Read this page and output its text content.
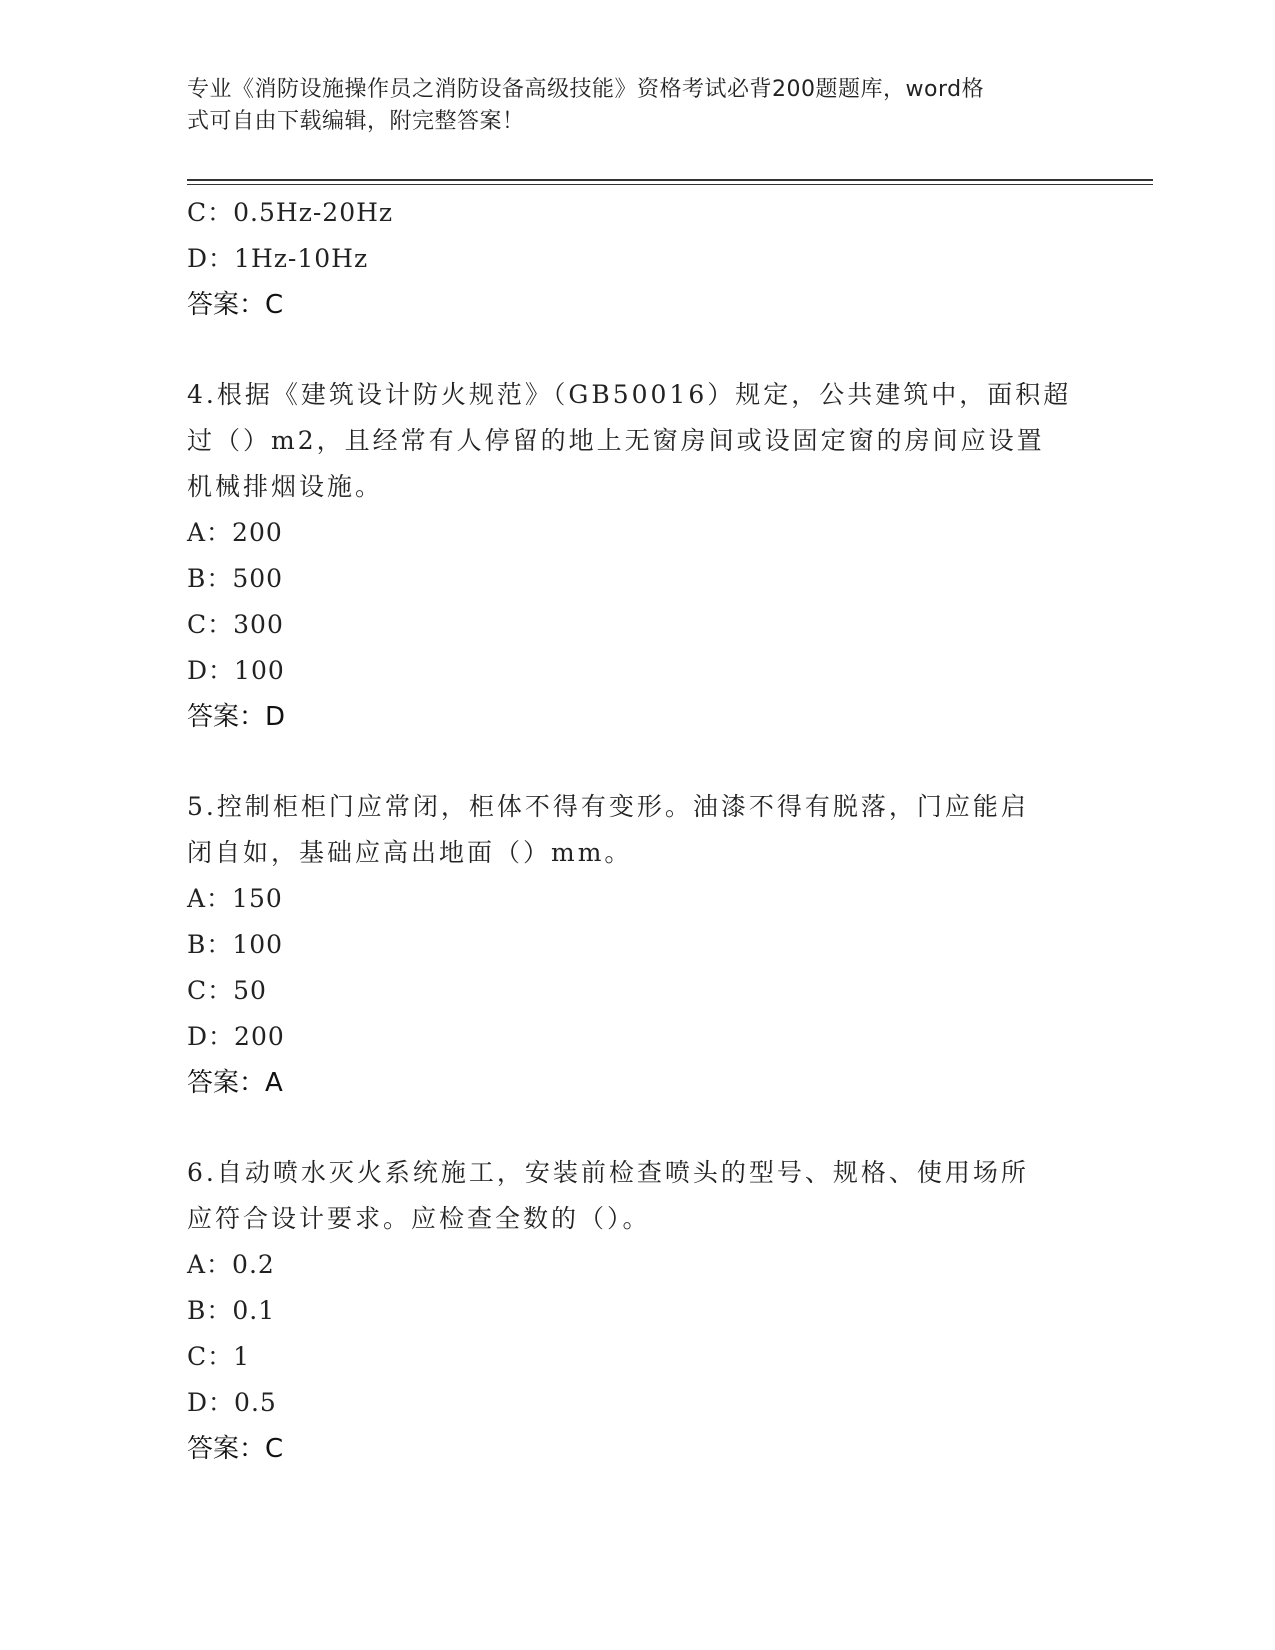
专业《消防设施操作员之消防设备高级技能》资格考试必背200题题库，word格
式可自由下载编辑，附完整答案！
C：0.5Hz-20Hz
D：1Hz-10Hz
答案：C
4.根据《建筑设计防火规范》（GB50016）规定，公共建筑中，面积超
过（）m2，且经常有人停留的地上无窗房间或设固定窗的房间应设置
机械排烟设施。
A：200
B：500
C：300
D：100
答案：D
5.控制柜柜门应常闭，柜体不得有变形。油漆不得有脱落，门应能启
闭自如，基础应高出地面（）mm。
A：150
B：100
C：50
D：200
答案：A
6.自动喷水灭火系统施工，安装前检查喷头的型号、规格、使用场所
应符合设计要求。应检查全数的（）。
A：0.2
B：0.1
C：1
D：0.5
答案：C
